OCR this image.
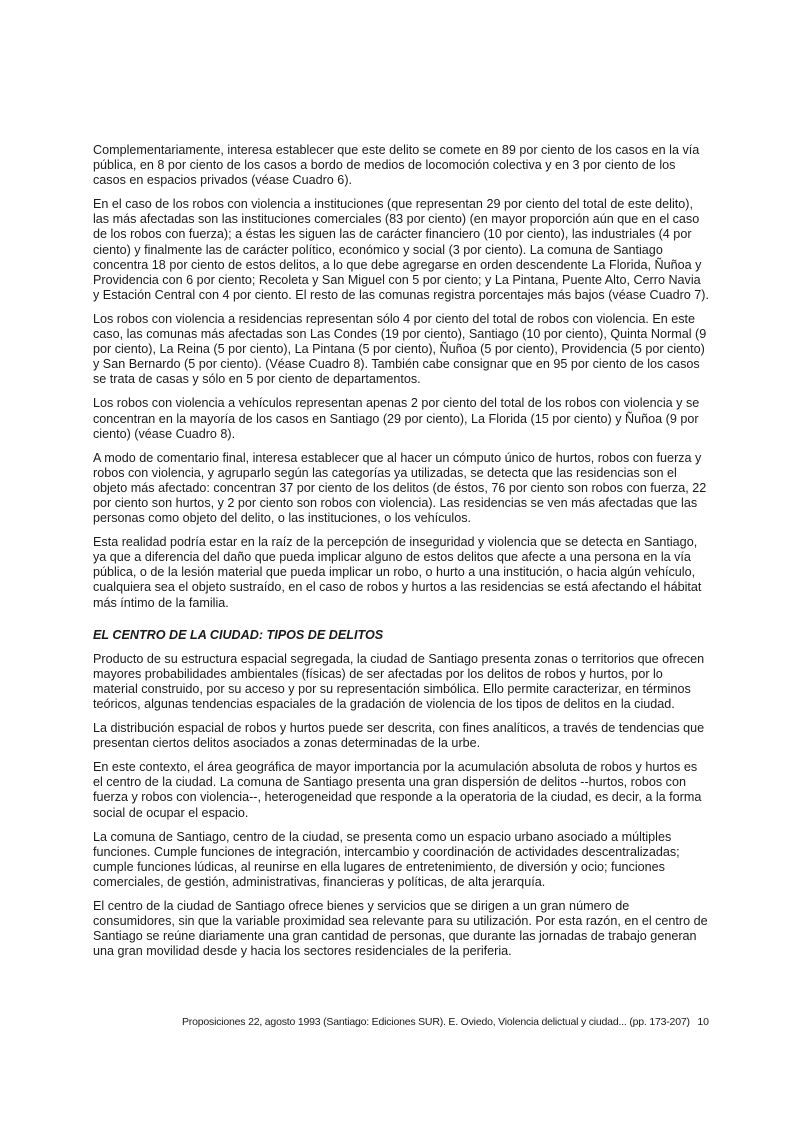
Complementariamente, interesa establecer que este delito se comete en 89 por ciento de los casos en la vía pública, en 8 por ciento de los casos a bordo de medios de locomoción colectiva y en 3 por ciento de los casos en espacios privados (véase Cuadro 6).

En el caso de los robos con violencia a instituciones (que representan 29 por ciento del total de este delito), las más afectadas son las instituciones comerciales (83 por ciento) (en mayor proporción aún que en el caso de los robos con fuerza); a éstas les siguen las de carácter financiero (10 por ciento), las industriales (4 por ciento) y finalmente las de carácter político, económico y social (3 por ciento). La comuna de Santiago concentra 18 por ciento de estos delitos, a lo que debe agregarse en orden descendente La Florida, Ñuñoa y Providencia con 6 por ciento; Recoleta y San Miguel con 5 por ciento; y La Pintana, Puente Alto, Cerro Navia y Estación Central con 4 por ciento. El resto de las comunas registra porcentajes más bajos (véase Cuadro 7).

Los robos con violencia a residencias representan sólo 4 por ciento del total de robos con violencia. En este caso, las comunas más afectadas son Las Condes (19 por ciento), Santiago (10 por ciento), Quinta Normal (9 por ciento), La Reina (5 por ciento), La Pintana (5 por ciento), Ñuñoa (5 por ciento), Providencia (5 por ciento) y San Bernardo (5 por ciento). (Véase Cuadro 8). También cabe consignar que en 95 por ciento de los casos se trata de casas y sólo en 5 por ciento de departamentos.

Los robos con violencia a vehículos representan apenas 2 por ciento del total de los robos con violencia y se concentran en la mayoría de los casos en Santiago (29 por ciento), La Florida (15 por ciento) y Ñuñoa (9 por ciento) (véase Cuadro 8).

A modo de comentario final, interesa establecer que al hacer un cómputo único de hurtos, robos con fuerza y robos con violencia, y agruparlo según las categorías ya utilizadas, se detecta que las residencias son el objeto más afectado: concentran 37 por ciento de los delitos (de éstos, 76 por ciento son robos con fuerza, 22 por ciento son hurtos, y 2 por ciento son robos con violencia). Las residencias se ven más afectadas que las personas como objeto del delito, o las instituciones, o los vehículos.

Esta realidad podría estar en la raíz de la percepción de inseguridad y violencia que se detecta en Santiago, ya que a diferencia del daño que pueda implicar alguno de estos delitos que afecte a una persona en la vía pública, o de la lesión material que pueda implicar un robo, o hurto a una institución, o hacia algún vehículo, cualquiera sea el objeto sustraído, en el caso de robos y hurtos a las residencias se está afectando el hábitat más íntimo de la familia.

EL CENTRO DE LA CIUDAD: TIPOS DE DELITOS

Producto de su estructura espacial segregada, la ciudad de Santiago presenta zonas o territorios que ofrecen mayores probabilidades ambientales (físicas) de ser afectadas por los delitos de robos y hurtos, por lo material construido, por su acceso y por su representación simbólica. Ello permite caracterizar, en términos teóricos, algunas tendencias espaciales de la gradación de violencia de los tipos de delitos en la ciudad.

La distribución espacial de robos y hurtos puede ser descrita, con fines analíticos, a través de tendencias que presentan ciertos delitos asociados a zonas determinadas de la urbe.

En este contexto, el área geográfica de mayor importancia por la acumulación absoluta de robos y hurtos es el centro de la ciudad. La comuna de Santiago presenta una gran dispersión de delitos --hurtos, robos con fuerza y robos con violencia--, heterogeneidad que responde a la operatoria de la ciudad, es decir, a la forma social de ocupar el espacio.

La comuna de Santiago, centro de la ciudad, se presenta como un espacio urbano asociado a múltiples funciones. Cumple funciones de integración, intercambio y coordinación de actividades descentralizadas; cumple funciones lúdicas, al reunirse en ella lugares de entretenimiento, de diversión y ocio; funciones comerciales, de gestión, administrativas, financieras y políticas, de alta jerarquía.

El centro de la ciudad de Santiago ofrece bienes y servicios que se dirigen a un gran número de consumidores, sin que la variable proximidad sea relevante para su utilización. Por esta razón, en el centro de Santiago se reúne diariamente una gran cantidad de personas, que durante las jornadas de trabajo generan una gran movilidad desde y hacia los sectores residenciales de la periferia.

Proposiciones 22, agosto 1993 (Santiago: Ediciones SUR). E. Oviedo, Violencia delictual y ciudad... (pp. 173-207) 10
